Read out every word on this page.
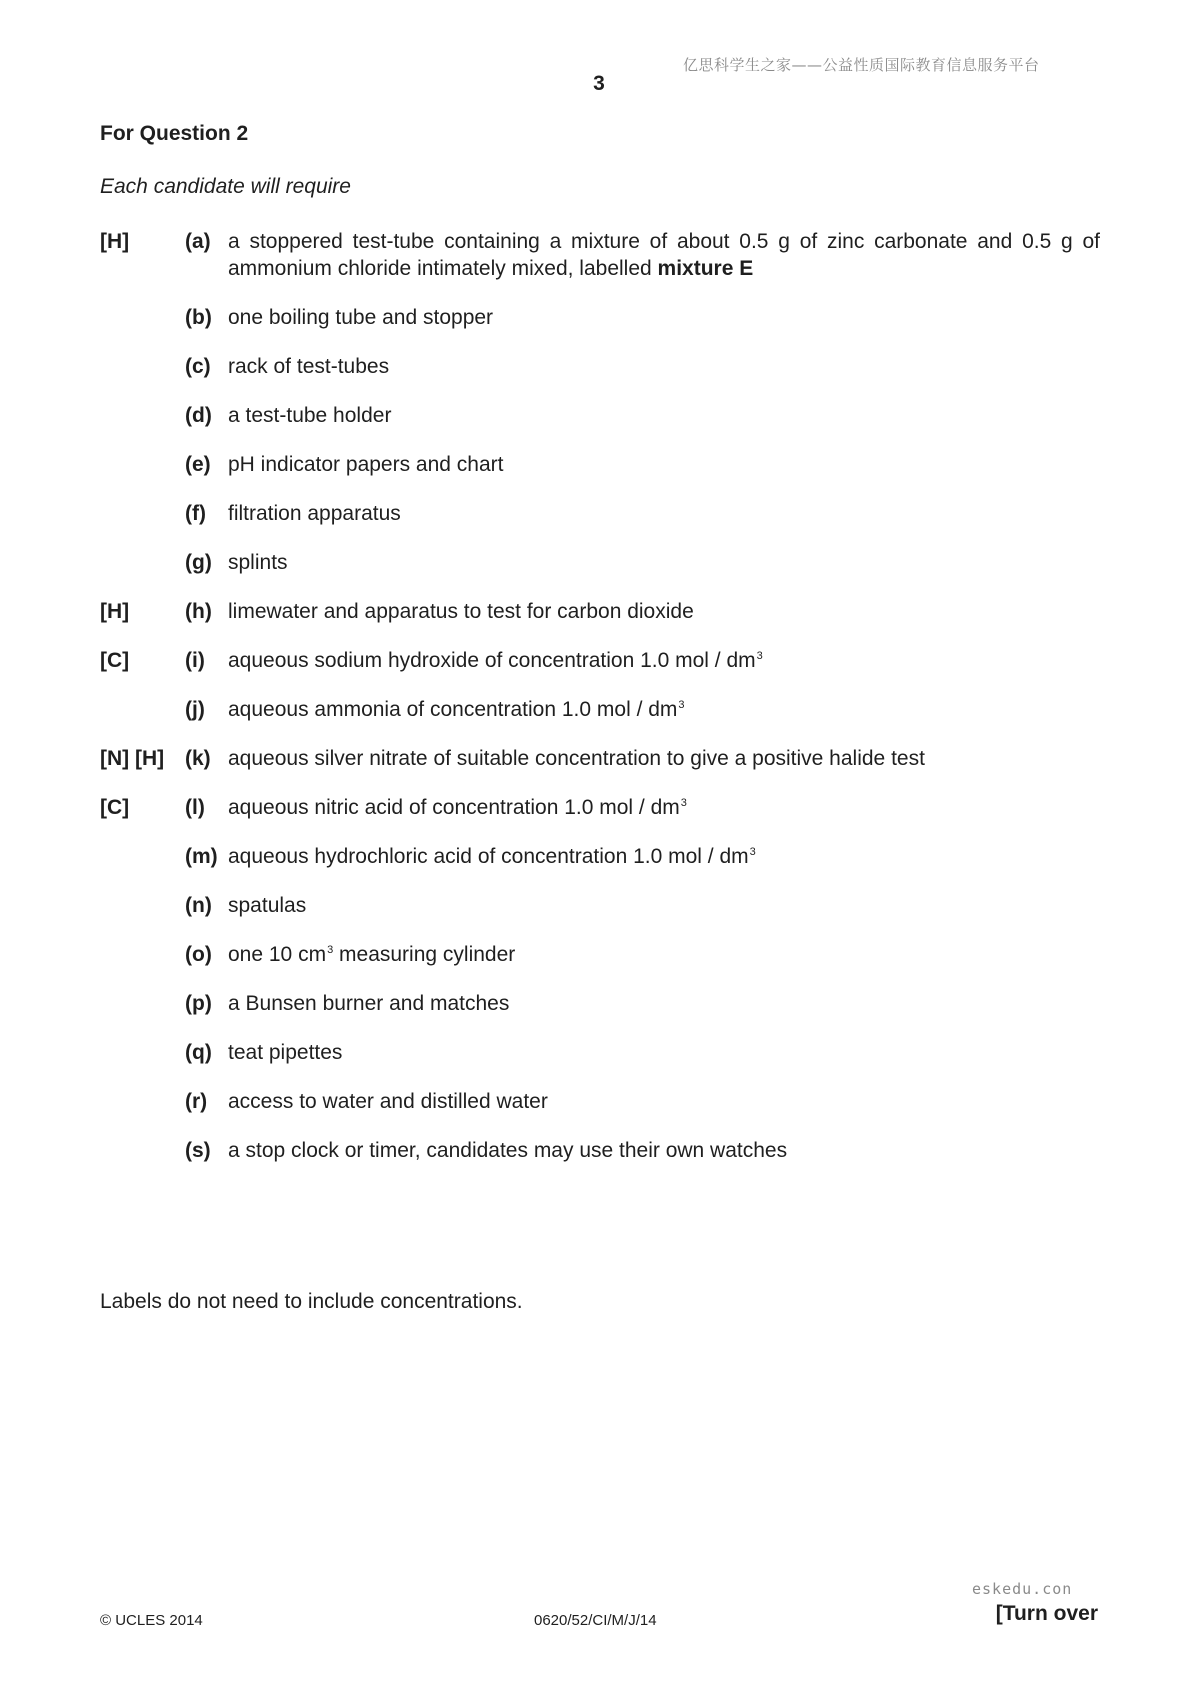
亿思科学生之家——公益性质国际教育信息服务平台
3
For Question 2
Each candidate will require
[H]	(a) a stoppered test-tube containing a mixture of about 0.5 g of zinc carbonate and 0.5 g of ammonium chloride intimately mixed, labelled mixture E
(b) one boiling tube and stopper
(c) rack of test-tubes
(d) a test-tube holder
(e) pH indicator papers and chart
(f) filtration apparatus
(g) splints
[H]	(h) limewater and apparatus to test for carbon dioxide
[C]	(i) aqueous sodium hydroxide of concentration 1.0 mol / $dm^3$
(j) aqueous ammonia of concentration 1.0 mol / $dm^3$
[N] [H] (k) aqueous silver nitrate of suitable concentration to give a positive halide test
[C]	(l) aqueous nitric acid of concentration 1.0 mol / $dm^3$
(m) aqueous hydrochloric acid of concentration 1.0 mol / $dm^3$
(n) spatulas
(o) one 10 $cm^3$ measuring cylinder
(p) a Bunsen burner and matches
(q) teat pipettes
(r) access to water and distilled water
(s) a stop clock or timer, candidates may use their own watches
Labels do not need to include concentrations.
eskedu.con
[Turn over
© UCLES 2014	0620/52/CI/M/J/14
